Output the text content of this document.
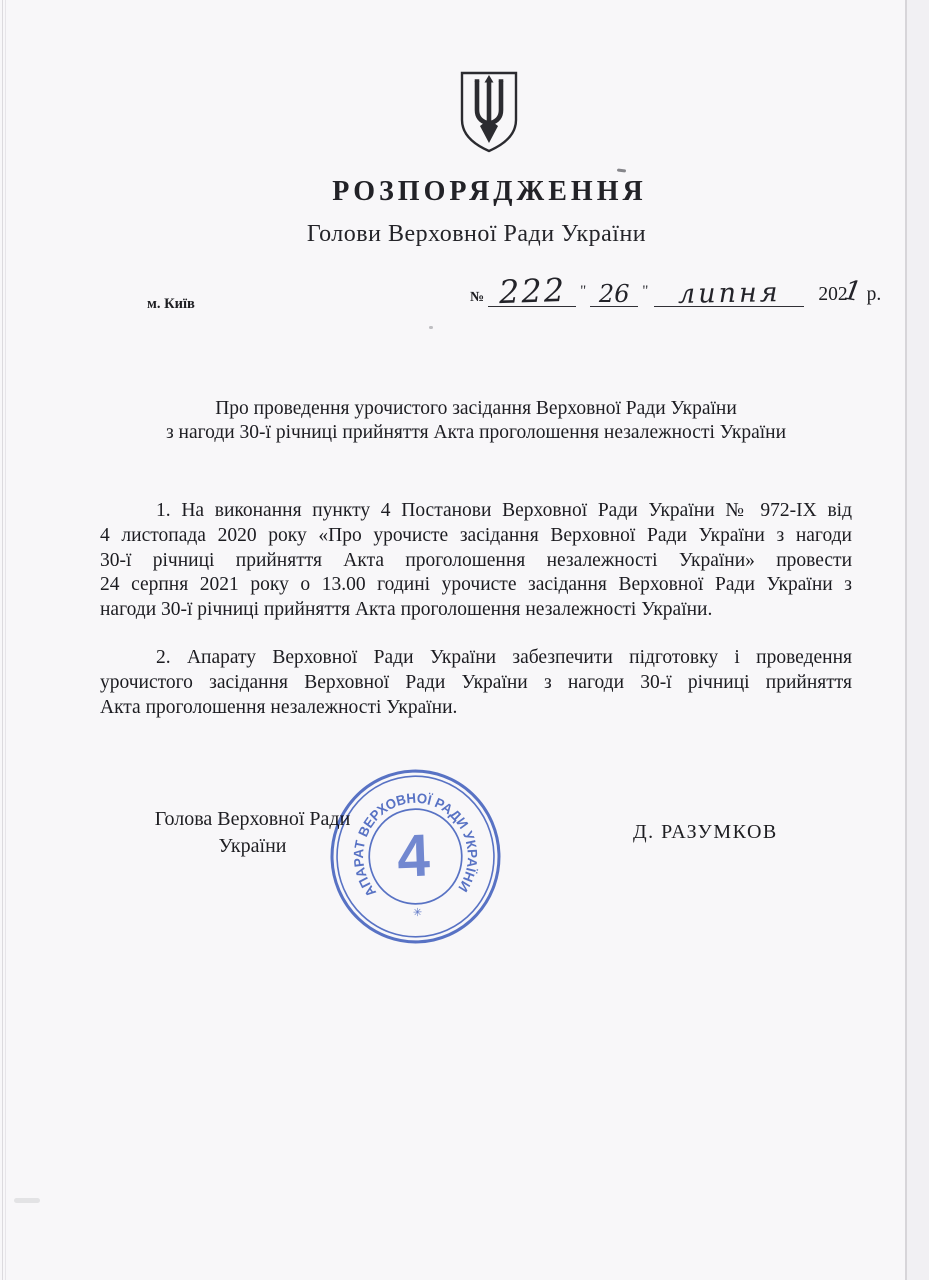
РОЗПОРЯДЖЕННЯ
Голови Верховної Ради України
м. Київ	№ 222 " 26 " липня	2021 р.
Про проведення урочистого засідання Верховної Ради України
з нагоди 30-ї річниці прийняття Акта проголошення незалежності України
1. На виконання пункту 4 Постанови Верховної Ради України № 972-ІХ від
4 листопада 2020 року «Про урочисте засідання Верховної Ради України з нагоди
30-ї річниці прийняття Акта проголошення незалежності України» провести
24 серпня 2021 року о 13.00 годині урочисте засідання Верховної Ради України з
нагоди 30-ї річниці прийняття Акта проголошення незалежності України.
2. Апарату Верховної Ради України забезпечити підготовку і проведення
урочистого засідання Верховної Ради України з нагоди 30-ї річниці прийняття
Акта проголошення незалежності України.
Голова Верховної Ради
України
Д. РАЗУМКОВ
АПАРАТ ВЕРХОВНОЇ РАДИ УКРАЇНИ
4
✳
